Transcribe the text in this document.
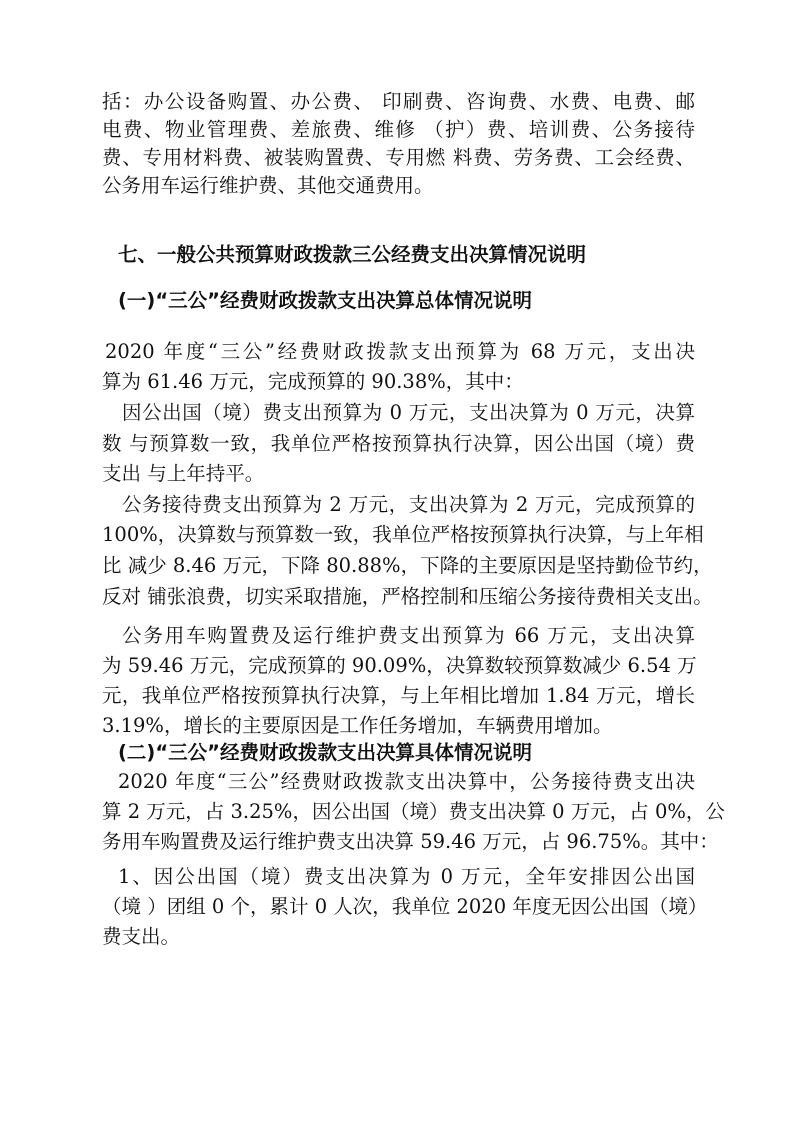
括：办公设备购置、办公费、 印刷费、咨询费、水费、电费、邮
电费、物业管理费、差旅费、维修 （护）费、培训费、公务接待
费、专用材料费、被装购置费、专用燃 料费、劳务费、工会经费、
公务用车运行维护费、其他交通费用。
七、一般公共预算财政拨款三公经费支出决算情况说明
(一)“三公”经费财政拨款支出决算总体情况说明
2020 年度“三公”经费财政拨款支出预算为 68 万元，支出决
算为 61.46 万元，完成预算的 90.38%，其中：
因公出国（境）费支出预算为 0 万元，支出决算为 0 万元，决算
数 与预算数一致，我单位严格按预算执行决算，因公出国（境）费
支出 与上年持平。
公务接待费支出预算为 2 万元，支出决算为 2 万元，完成预算的
100%，决算数与预算数一致，我单位严格按预算执行决算，与上年相
比 减少 8.46 万元，下降 80.88%，下降的主要原因是坚持勤俭节约，
反对 铺张浪费，切实采取措施，严格控制和压缩公务接待费相关支出。
公务用车购置费及运行维护费支出预算为 66 万元，支出决算
为 59.46 万元，完成预算的 90.09%，决算数较预算数减少 6.54 万
元，我单位严格按预算执行决算，与上年相比增加 1.84 万元，增长
3.19%，增长的主要原因是工作任务增加，车辆费用增加。
(二)“三公”经费财政拨款支出决算具体情况说明
2020 年度“三公”经费财政拨款支出决算中，公务接待费支出决
算 2 万元，占 3.25%，因公出国（境）费支出决算 0 万元，占 0%，公
务用车购置费及运行维护费支出决算 59.46 万元，占 96.75%。其中：
1、因公出国（境）费支出决算为 0 万元，全年安排因公出国
（境 ）团组 0 个，累计 0 人次，我单位 2020 年度无因公出国（境）
费支出。
